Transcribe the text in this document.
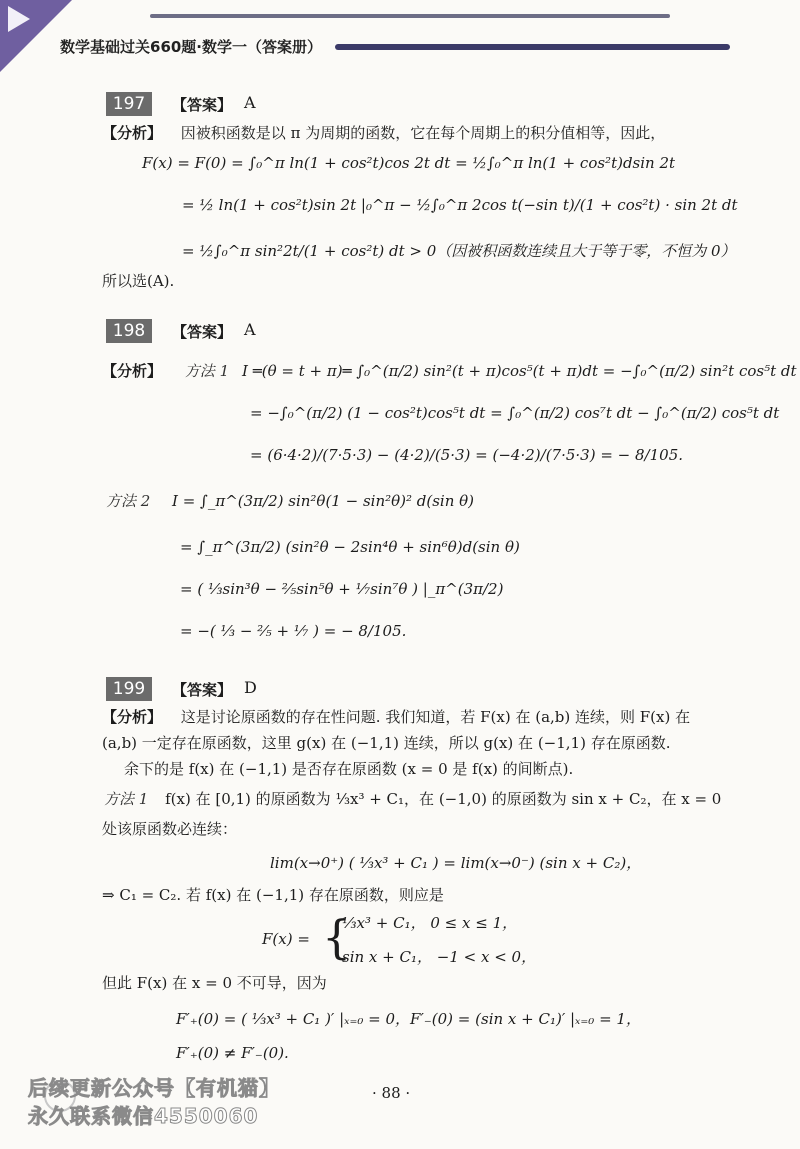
数学基础过关660题·数学一（答案册）
197	【答案】 A
【分析】 因被积函数是以 π 为周期的函数，它在每个周期上的积分值相等，因此，
F(x) = F(0) = ∫₀^π ln(1 + cos²t)cos 2t dt = ½∫₀^π ln(1 + cos²t)dsin 2t
= ½ ln(1 + cos²t)sin 2t |₀^π − ½∫₀^π 2cos t(−sin t)/(1 + cos²t) · sin 2t dt
= ½∫₀^π sin²2t/(1 + cos²t) dt > 0（因被积函数连续且大于等于零，不恒为 0）
所以选(A).
198	【答案】 A
【分析】 方法 1 I ═(θ = t + π)═ ∫₀^(π/2) sin²(t + π)cos⁵(t + π)dt = −∫₀^(π/2) sin²t cos⁵t dt
= −∫₀^(π/2) (1 − cos²t)cos⁵t dt = ∫₀^(π/2) cos⁷t dt − ∫₀^(π/2) cos⁵t dt
= (6·4·2)/(7·5·3) − (4·2)/(5·3) = (−4·2)/(7·5·3) = − 8/105.
方法 2 I = ∫_π^(3π/2) sin²θ(1 − sin²θ)² d(sin θ)
= ∫_π^(3π/2) (sin²θ − 2sin⁴θ + sin⁶θ)d(sin θ)
= ( ⅓sin³θ − ⅖sin⁵θ + ⅐sin⁷θ ) |_π^(3π/2)
= −( ⅓ − ⅖ + ⅐ ) = − 8/105.
199	【答案】 D
【分析】 这是讨论原函数的存在性问题. 我们知道，若 F(x) 在 (a,b) 连续，则 F(x) 在
(a,b) 一定存在原函数，这里 g(x) 在 (−1,1) 连续，所以 g(x) 在 (−1,1) 存在原函数.
余下的是 f(x) 在 (−1,1) 是否存在原函数 (x = 0 是 f(x) 的间断点).
方法 1 f(x) 在 [0,1) 的原函数为 ⅓x³ + C₁，在 (−1,0) 的原函数为 sin x + C₂，在 x = 0
处该原函数必连续：
lim(x→0⁺) ( ⅓x³ + C₁ ) = lim(x→0⁻) (sin x + C₂)，
⇒ C₁ = C₂. 若 f(x) 在 (−1,1) 存在原函数，则应是
F(x) = {
⅓x³ + C₁， 0 ≤ x ≤ 1，
sin x + C₁， −1 < x < 0，
但此 F(x) 在 x = 0 不可导，因为
F′₊(0) = ( ⅓x³ + C₁ )′ |ₓ₌₀ = 0，F′₋(0) = (sin x + C₁)′ |ₓ₌₀ = 1，
F′₊(0) ≠ F′₋(0).
· 88 ·
后续更新公众号【有机猫】
永久联系微信4550060
